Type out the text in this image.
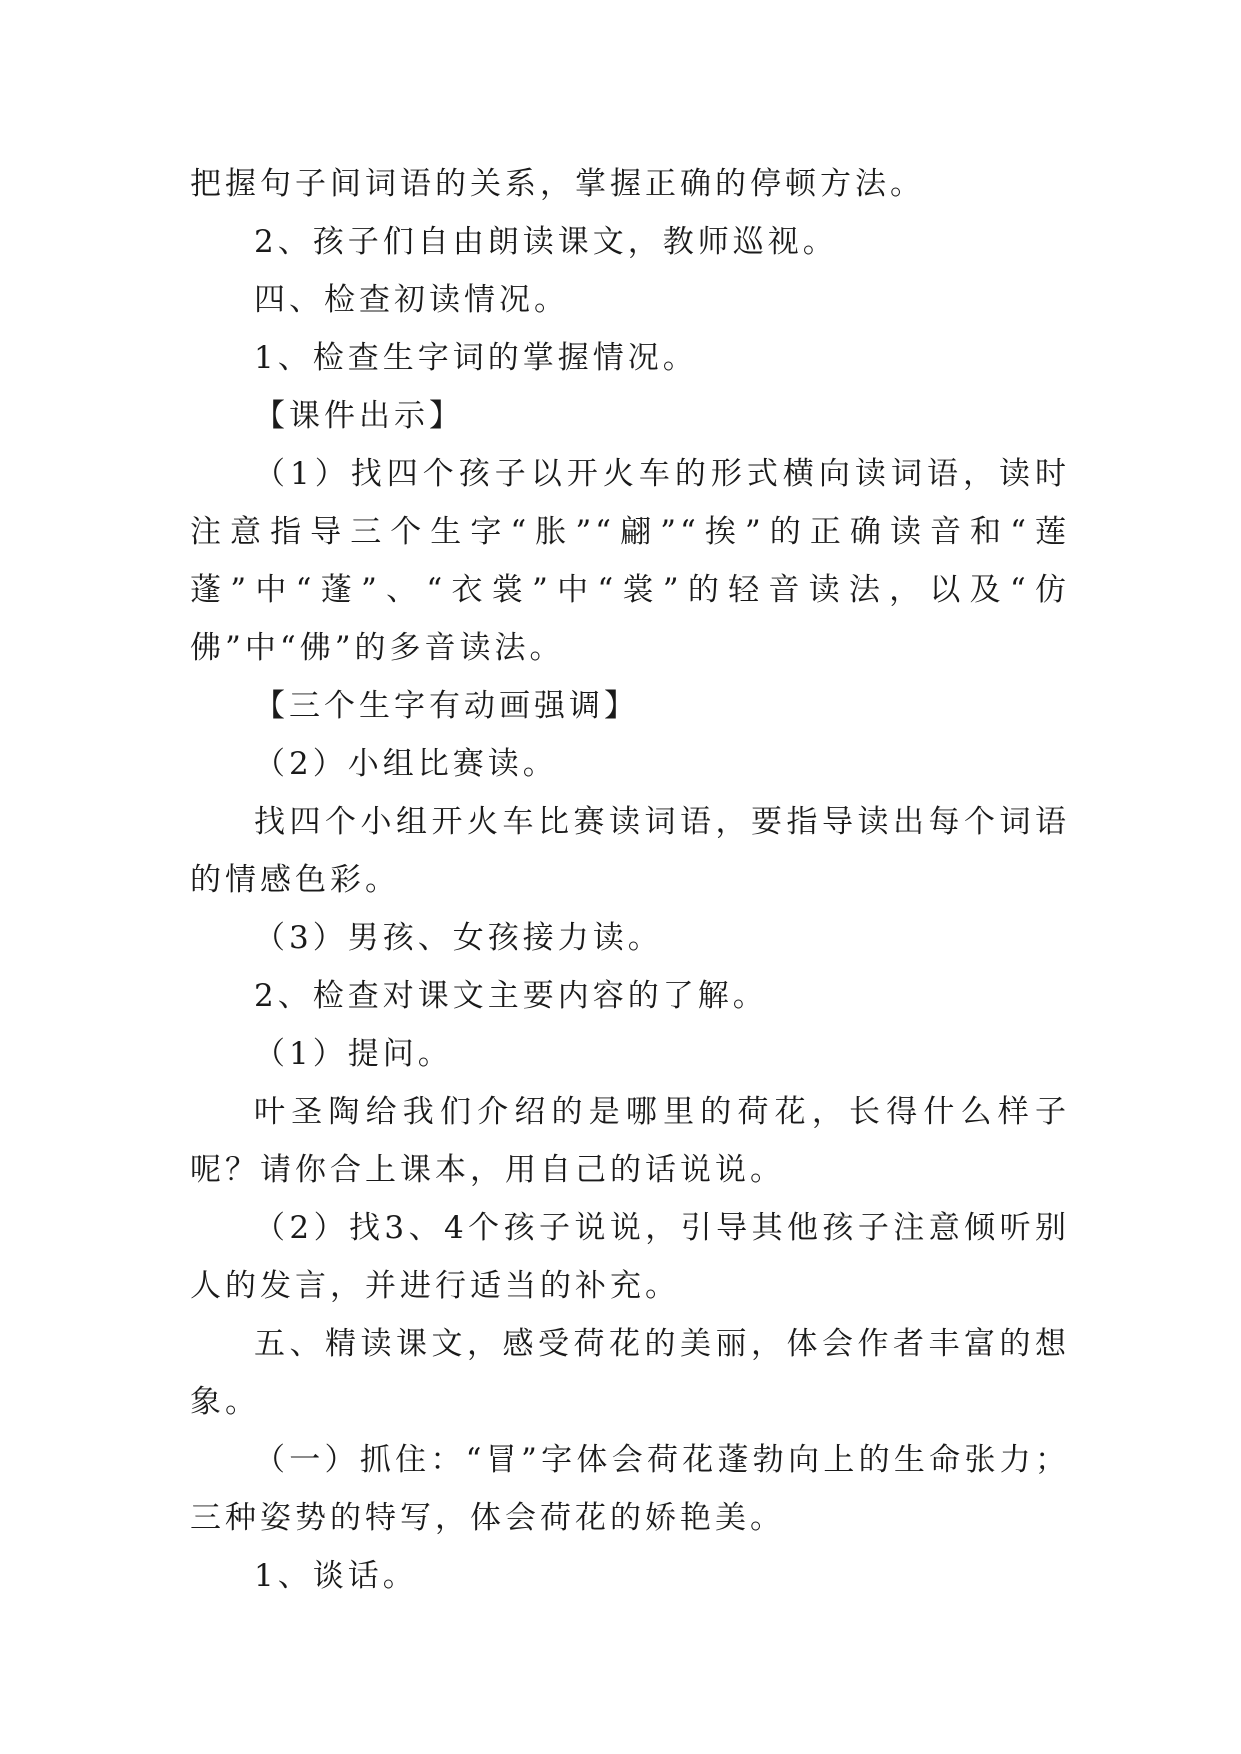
把握句子间词语的关系，掌握正确的停顿方法。

2、孩子们自由朗读课文，教师巡视。

四、检查初读情况。

1、检查生字词的掌握情况。

【课件出示】

（1）找四个孩子以开火车的形式横向读词语，读时注意指导三个生字“胀”“翩”“挨”的正确读音和“莲蓬”中“蓬”、“衣裳”中“裳”的轻音读法，以及“仿佛”中“佛”的多音读法。

【三个生字有动画强调】

（2）小组比赛读。

找四个小组开火车比赛读词语，要指导读出每个词语的情感色彩。

（3）男孩、女孩接力读。

2、检查对课文主要内容的了解。

（1）提问。

叶圣陶给我们介绍的是哪里的荷花，长得什么样子呢？请你合上课本，用自己的话说说。

（2）找3、4个孩子说说，引导其他孩子注意倾听别人的发言，并进行适当的补充。

五、精读课文，感受荷花的美丽，体会作者丰富的想象。

（一）抓住：“冒”字体会荷花蓬勃向上的生命张力；三种姿势的特写，体会荷花的娇艳美。

1、谈话。
